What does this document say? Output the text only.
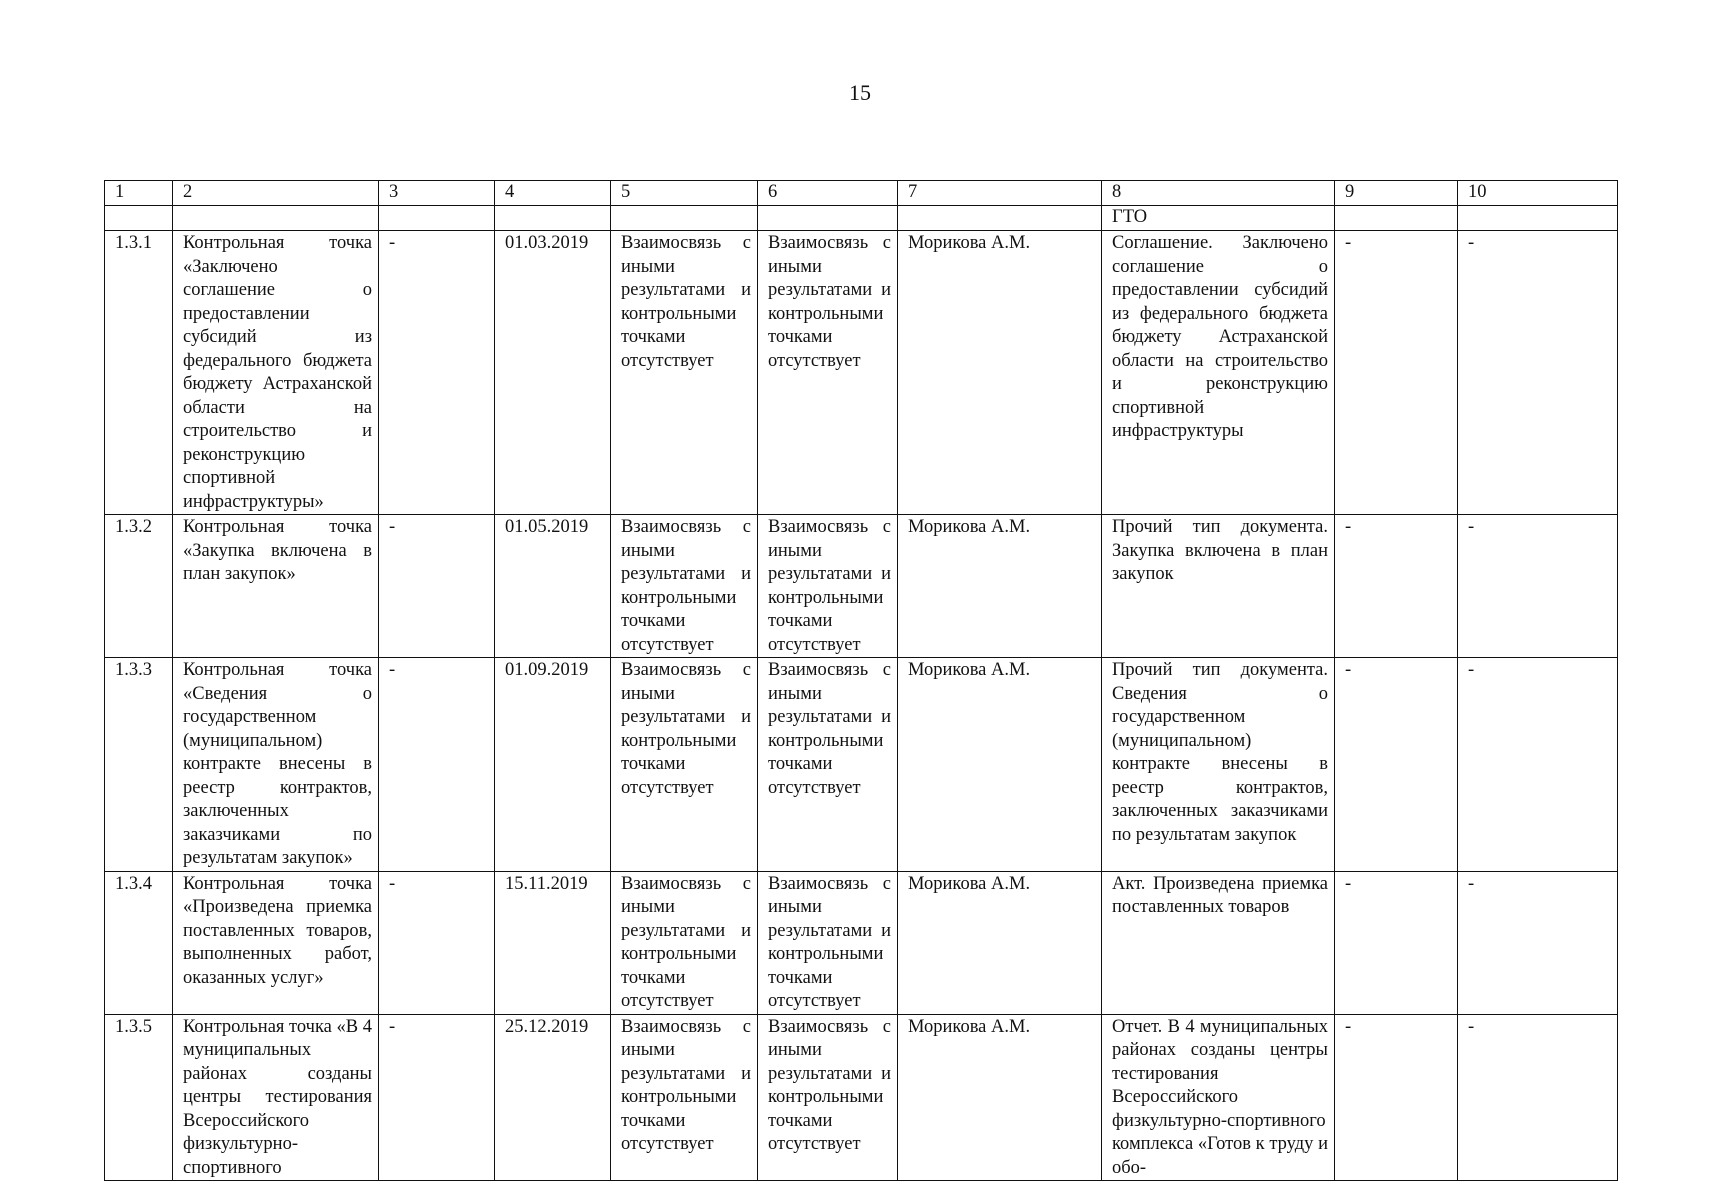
15
1	2	3	4	5	6	7	8	9	10
							ГТО		
1.3.1	Контрольная точка «Заключено соглашение о предоставлении субсидий из федерального бюджета бюджету Астраханской области на строительство и реконструкцию спортивной инфраструктуры»	-	01.03.2019	Взаимосвязь с иными результатами и контрольными точками отсутствует	Взаимосвязь с иными результатами и контрольными точками отсутствует	Морикова А.М.	Соглашение. Заключено соглашение о предоставлении субсидий из федерального бюджета бюджету Астраханской области на строительство и реконструкцию спортивной инфраструктуры	-	-
1.3.2	Контрольная точка «Закупка включена в план закупок»	-	01.05.2019	Взаимосвязь с иными результатами и контрольными точками отсутствует	Взаимосвязь с иными результатами и контрольными точками отсутствует	Морикова А.М.	Прочий тип документа. Закупка включена в план закупок	-	-
1.3.3	Контрольная точка «Сведения о государственном (муниципальном) контракте внесены в реестр контрактов, заключенных заказчиками по результатам закупок»	-	01.09.2019	Взаимосвязь с иными результатами и контрольными точками отсутствует	Взаимосвязь с иными результатами и контрольными точками отсутствует	Морикова А.М.	Прочий тип документа. Сведения о государственном (муниципальном) контракте внесены в реестр контрактов, заключенных заказчиками по результатам закупок	-	-
1.3.4	Контрольная точка «Произведена приемка поставленных товаров, выполненных работ, оказанных услуг»	-	15.11.2019	Взаимосвязь с иными результатами и контрольными точками отсутствует	Взаимосвязь с иными результатами и контрольными точками отсутствует	Морикова А.М.	Акт. Произведена приемка поставленных товаров	-	-
1.3.5	Контрольная точка «В 4 муниципальных районах созданы центры тестирования Всероссийского физкультурно-спортивного	-	25.12.2019	Взаимосвязь с иными результатами и контрольными точками отсутствует	Взаимосвязь с иными результатами и контрольными точками отсутствует	Морикова А.М.	Отчет. В 4 муниципальных районах созданы центры тестирования Всероссийского физкультурно-спортивного комплекса «Готов к труду и обо-	-	-
